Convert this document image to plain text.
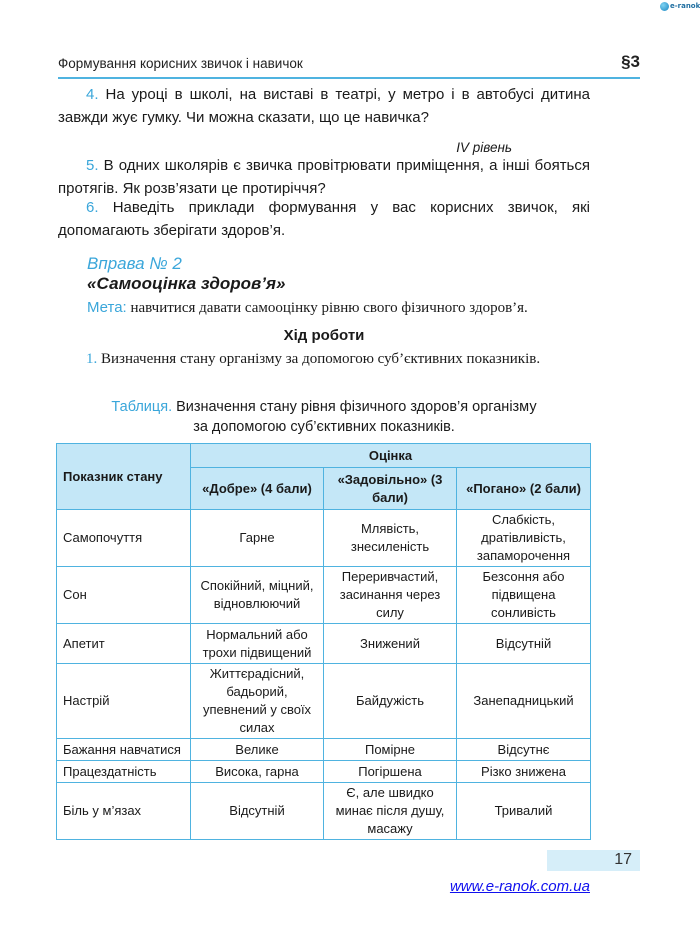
e-ranok
Формування корисних звичок і навичок	§3

4. На уроці в школі, на виставі в театрі, у метро і в автобусі дитина завжди жує гумку. Чи можна сказати, що це навичка?

IV рівень

5. В одних школярів є звичка провітрювати приміщення, а інші бояться протягів. Як розв’язати це протиріччя?

6. Наведіть приклади формування у вас корисних звичок, які допомагають зберігати здоров’я.

Вправа № 2
«Самооцінка здоров’я»
Мета: навчитися давати самооцінку рівню свого фізичного здоров’я.
Хід роботи

1. Визначення стану організму за допомогою суб’єктивних показників.

Таблиця. Визначення стану рівня фізичного здоров’я організму
за допомогою суб’єктивних показників.
Показник стану	Оцінка		
	«Добре» (4 бали)	«Задовільно» (3 бали)	«Погано» (2 бали)
Самопочуття	Гарне	Млявість, знесиленість	Слабкість, дратівливість, запаморочення
Сон	Спокійний, міцний, відновлюючий	Переривчастий, засинання через силу	Безсоння або підвищена сонливість
Апетит	Нормальний або трохи підвищений	Знижений	Відсутній
Настрій	Життєрадісний, бадьорий, упевнений у своїх силах	Байдужість	Занепадницький
Бажання навчатися	Велике	Помірне	Відсутнє
Працездатність	Висока, гарна	Погіршена	Різко знижена
Біль у м’язах	Відсутній	Є, але швидко минає після душу, масажу	Тривалий
17
www.e-ranok.com.ua
